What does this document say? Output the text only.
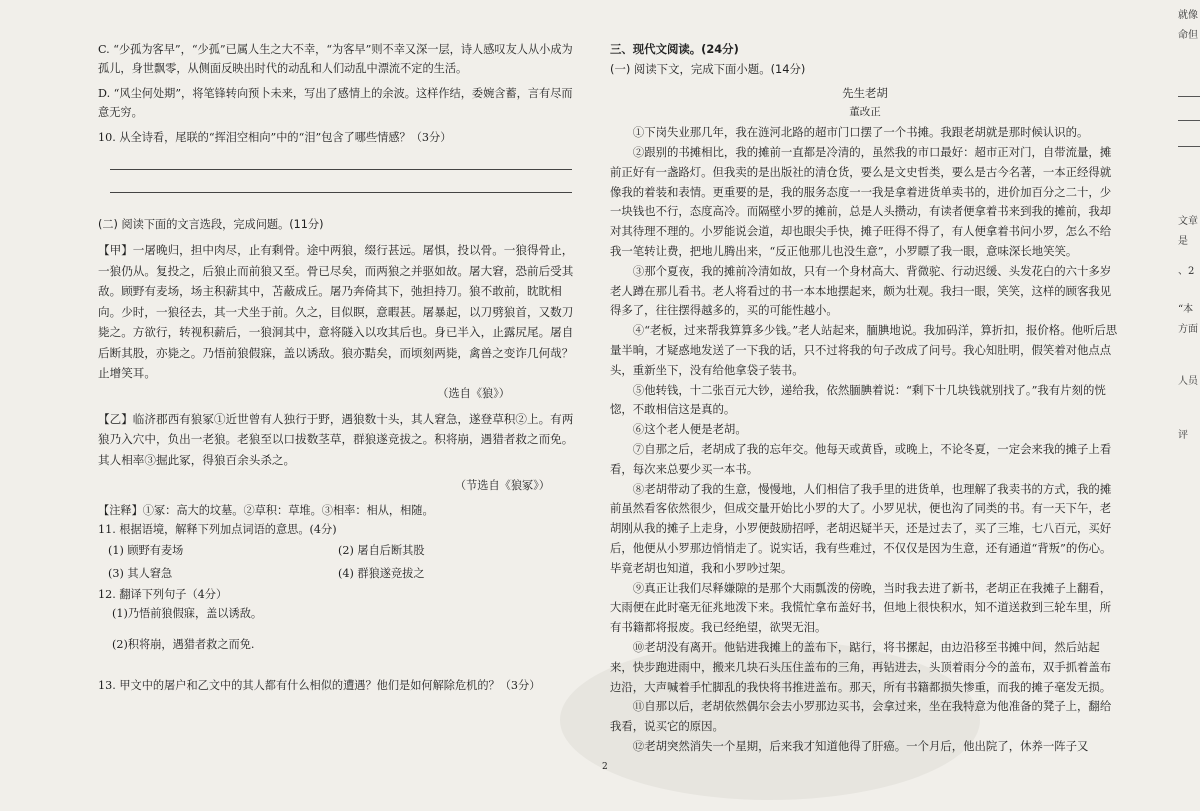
C. “少孤为客早”，“少孤”已属人生之大不幸，“为客早”则不幸又深一层，诗人感叹友人从小成为孤儿，身世飘零，从侧面反映出时代的动乱和人们动乱中漂流不定的生活。
D. “风尘何处期”，将笔锋转向预卜未来，写出了感情上的余波。这样作结，委婉含蓄，言有尽而意无穷。
10. 从全诗看，尾联的“挥泪空相向”中的“泪”包含了哪些情感？（3分）
(二) 阅读下面的文言选段，完成问题。(11分)
【甲】一屠晚归，担中肉尽，止有剩骨。途中两狼，缀行甚远。屠惧，投以骨。一狼得骨止，一狼仍从。复投之，后狼止而前狼又至。骨已尽矣，而两狼之并驱如故。屠大窘，恐前后受其敌。顾野有麦场，场主积薪其中，苫蔽成丘。屠乃奔倚其下，弛担持刀。狼不敢前，眈眈相向。少时，一狼径去，其一犬坐于前。久之，目似瞑，意暇甚。屠暴起，以刀劈狼首，又数刀毙之。方欲行，转视积薪后，一狼洞其中，意将隧入以攻其后也。身已半入，止露尻尾。屠自后断其股，亦毙之。乃悟前狼假寐，盖以诱敌。狼亦黠矣，而顷刻两毙，禽兽之变诈几何哉？止增笑耳。
（选自《狼》）
【乙】临济郡西有狼冢①近世曾有人独行于野，遇狼数十头，其人窘急，遂登草积②上。有两狼乃入穴中，负出一老狼。老狼至以口拔数茎草，群狼遂竞拔之。积将崩，遇猎者救之而免。其人相率③掘此冢，得狼百余头杀之。
（节选自《狼冢》）
【注释】①冢：高大的坟墓。②草积：草堆。③相率：相从，相随。
11. 根据语境，解释下列加点词语的意思。(4分)
(1) 顾野有麦场	(2) 屠自后断其股
(3) 其人窘急	(4) 群狼遂竞拔之
12. 翻译下列句子（4分）
(1)乃悟前狼假寐，盖以诱敌。
(2)积将崩，遇猎者救之而免.
13. 甲文中的屠户和乙文中的其人都有什么相似的遭遇？他们是如何解除危机的？（3分）
三、现代文阅读。(24分)
(一) 阅读下文，完成下面小题。(14分)
先生老胡
董改正
①下岗失业那几年，我在涟河北路的超市门口摆了一个书摊。我跟老胡就是那时候认识的。
②跟别的书摊相比，我的摊前一直都是冷清的，虽然我的市口最好：超市正对门，自带流量，摊前正好有一盏路灯。但我卖的是出版社的清仓货，要么是文史哲类，要么是古今名著，一本正经得就像我的着装和表情。更重要的是，我的服务态度一一我是拿着进货单卖书的，进价加百分之二十，少一块钱也不行，态度高冷。而隔壁小罗的摊前，总是人头攒动，有读者便拿着书来到我的摊前，我却对其待理不理的。小罗能说会道，却也眼尖手快，摊子旺得不得了，有人便拿着书问小罗，怎么不给我一笔转让费，把地儿腾出来，“反正他那儿也没生意”，小罗瞟了我一眼，意味深长地笑笑。
③那个夏夜，我的摊前冷清如故，只有一个身材高大、背微驼、行动迟缓、头发花白的六十多岁老人蹲在那儿看书。老人将看过的书一本本地摆起来，颇为壮观。我扫一眼，笑笑，这样的顾客我见得多了，往往摆得越多的，买的可能性越小。
④“老板，过来帮我算算多少钱。”老人站起来，腼腆地说。我加码洋，算折扣，报价格。他听后思量半晌，才疑惑地发送了一下我的话，只不过将我的句子改成了问号。我心知肚明，假笑着对他点点头，重新坐下，没有给他拿袋子装书。
⑤他转钱，十二张百元大钞，递给我，依然腼腆着说：“剩下十几块钱就别找了。”我有片刻的恍惚，不敢相信这是真的。
⑥这个老人便是老胡。
⑦自那之后，老胡成了我的忘年交。他每天或黄昏，或晚上，不论冬夏，一定会来我的摊子上看看，每次来总要少买一本书。
⑧老胡带动了我的生意，慢慢地，人们相信了我手里的进货单，也理解了我卖书的方式，我的摊前虽然看客依然很少，但成交量开始比小罗的大了。小罗见状，便也沟了同类的书。有一天下午，老胡刚从我的摊子上走身，小罗便鼓励招呼，老胡迟疑半天，还是过去了，买了三堆，七八百元，买好后，他便从小罗那边悄悄走了。说实话，我有些难过，不仅仅是因为生意，还有通道“背叛”的伤心。毕竟老胡也知道，我和小罗吵过架。
⑨真正让我们尽释嫌隙的是那个大雨瓢泼的傍晚，当时我去进了新书，老胡正在我摊子上翻看，大雨便在此时毫无征兆地泼下来。我慌忙拿布盖好书，但地上很快积水，知不道送救到三轮车里，所有书籍都将报废。我已经绝望，欲哭无泪。
⑩老胡没有离开。他钻进我摊上的盖布下，踮行，将书摞起，由边沿移至书摊中间，然后站起来，快步跑进雨中，搬来几块石头压住盖布的三角，再钻进去，头顶着雨分今的盖布，双手抓着盖布边沿，大声喊着手忙脚乱的我快将书推进盖布。那天，所有书籍都损失惨重，而我的摊子毫发无损。
⑪自那以后，老胡依然偶尔会去小罗那边买书，会拿过来，坐在我特意为他准备的凳子上，翻给我看，说买它的原因。
⑫老胡突然消失一个星期，后来我才知道他得了肝癌。一个月后，他出院了，休养一阵子又
2
就像
命但
文章
是
、2
“本
方面
人员
评
